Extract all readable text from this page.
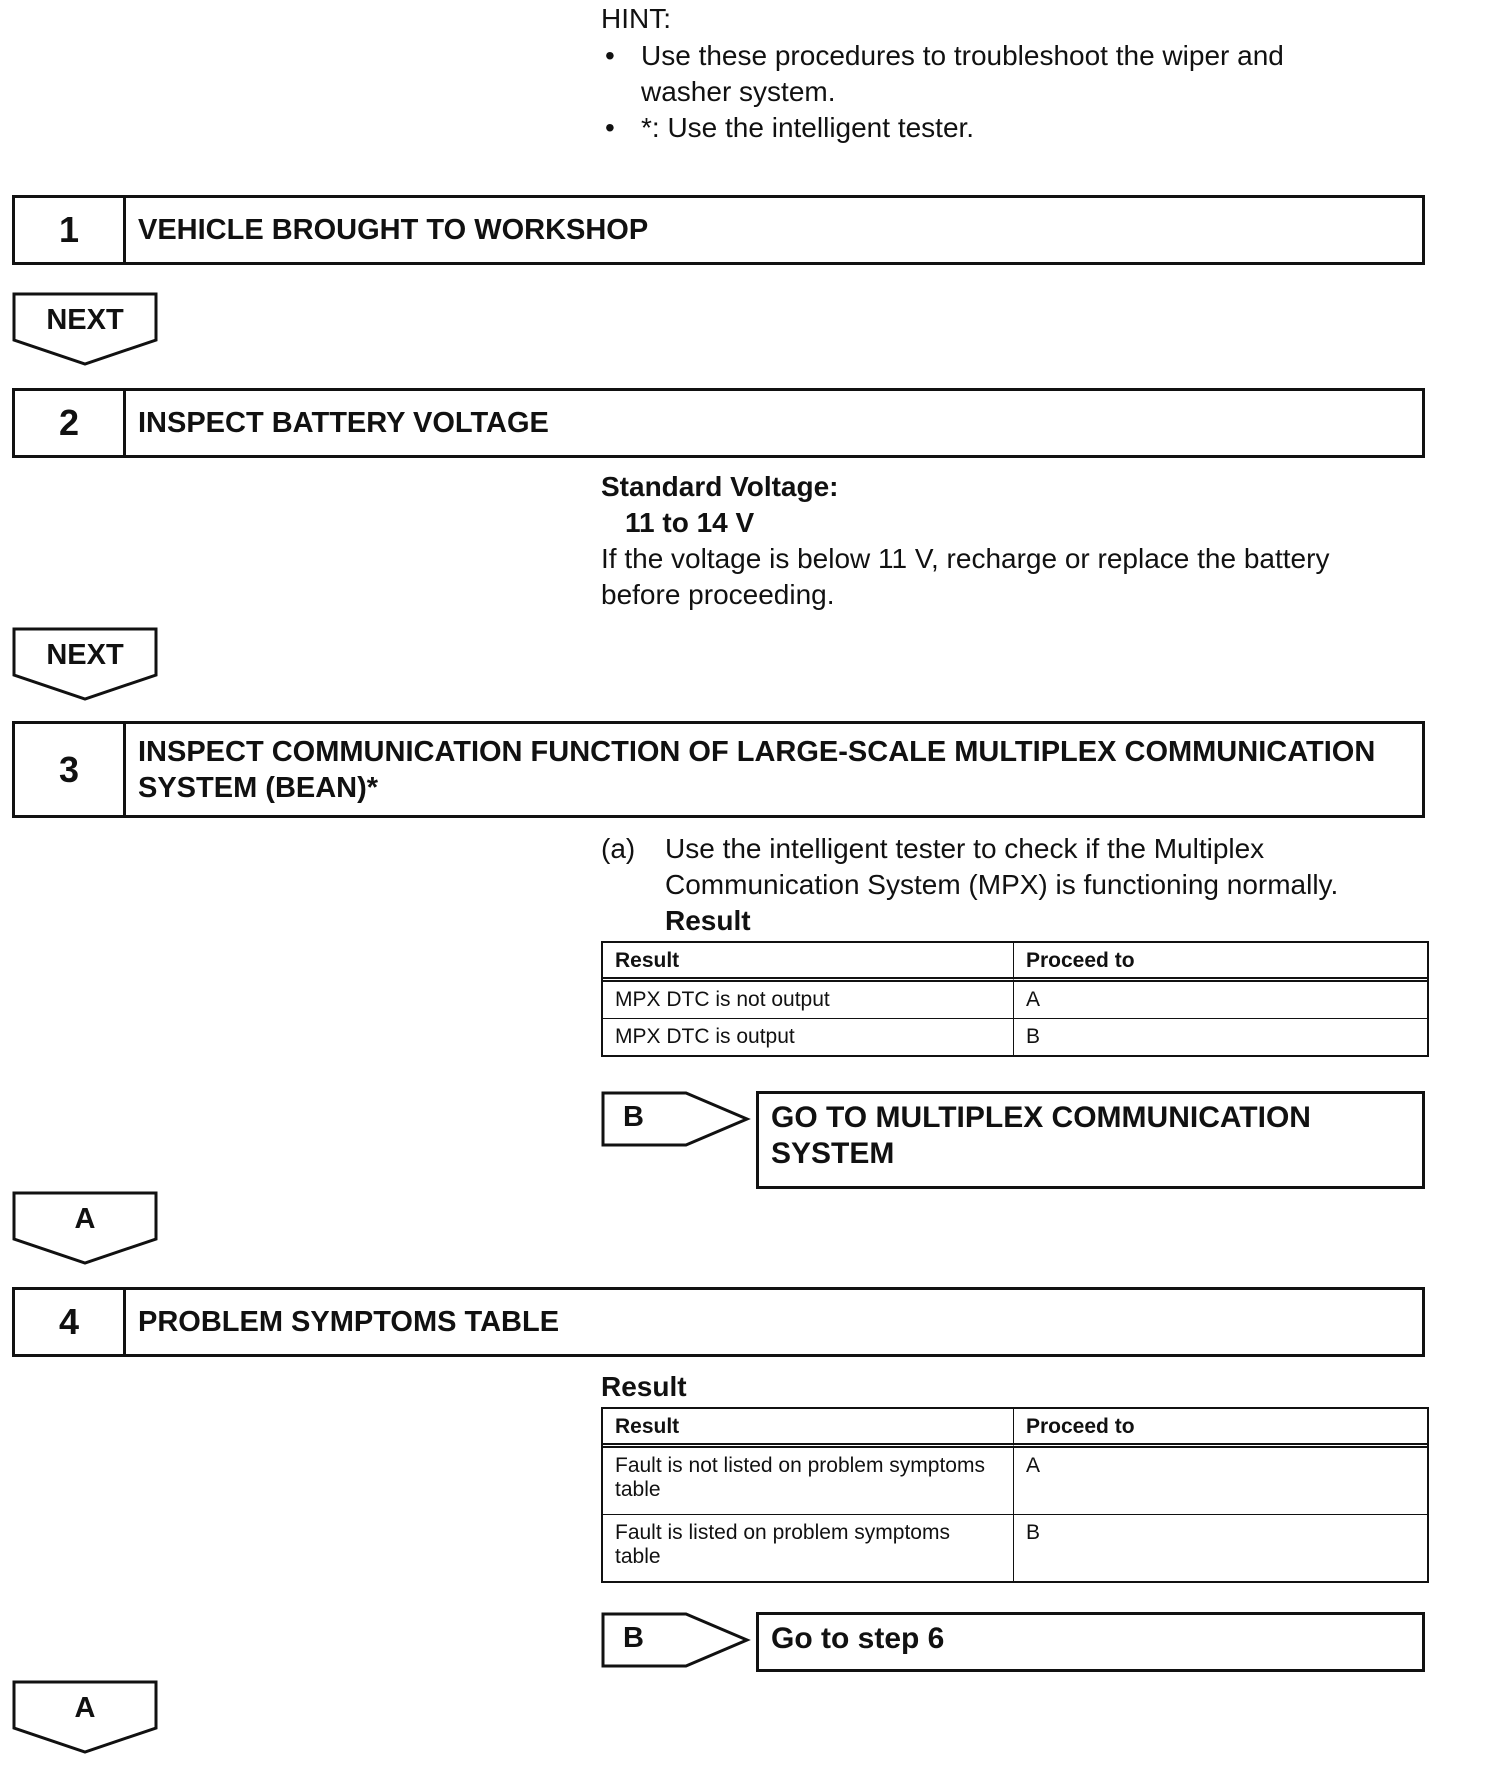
HINT:
• Use these procedures to troubleshoot the wiper and washer system.
• *: Use the intelligent tester.
1	VEHICLE BROUGHT TO WORKSHOP
NEXT
2	INSPECT BATTERY VOLTAGE
Standard Voltage:
11 to 14 V
If the voltage is below 11 V, recharge or replace the battery before proceeding.
NEXT
3	INSPECT COMMUNICATION FUNCTION OF LARGE-SCALE MULTIPLEX COMMUNICATION SYSTEM (BEAN)*
(a) Use the intelligent tester to check if the Multiplex Communication System (MPX) is functioning normally.
Result
Result	Proceed to
MPX DTC is not output	A
MPX DTC is output	B
B	GO TO MULTIPLEX COMMUNICATION SYSTEM
A
4	PROBLEM SYMPTOMS TABLE
Result
Result	Proceed to
Fault is not listed on problem symptoms table	A
Fault is listed on problem symptoms table	B
B	Go to step 6
A
